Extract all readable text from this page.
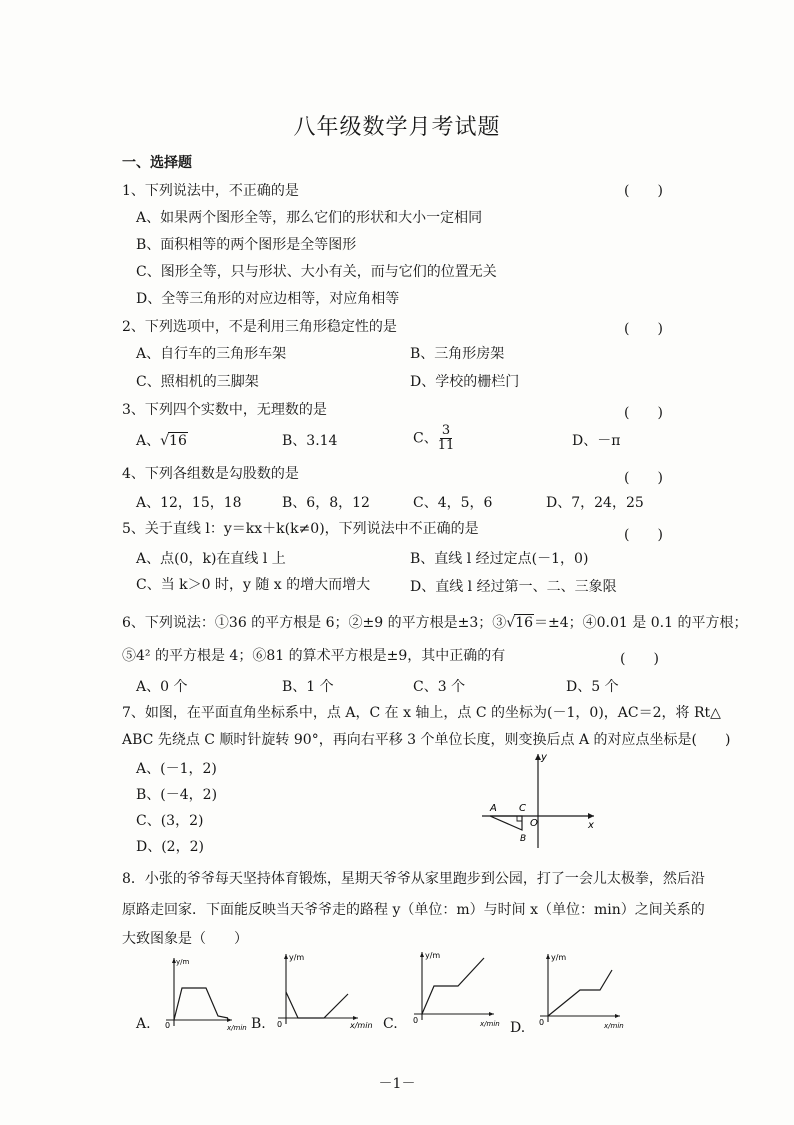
八年级数学月考试题
一、选择题
1、下列说法中，不正确的是	(　　)
A、如果两个图形全等，那么它们的形状和大小一定相同
B、面积相等的两个图形是全等图形
C、图形全等，只与形状、大小有关，而与它们的位置无关
D、全等三角形的对应边相等，对应角相等
2、下列选项中，不是利用三角形稳定性的是	(　　)
A、自行车的三角形车架	B、三角形房架
C、照相机的三脚架	D、学校的栅栏门
3、下列四个实数中，无理数的是	(　　)
A、√16	B、3.14	C、 $\frac{3}{11}$	D、－π
4、下列各组数是勾股数的是	(　　)
A、12，15，18	B、6，8，12	C、4，5，6	D、7，24，25
5、关于直线 l：y＝kx＋k(k≠0)，下列说法中不正确的是	(　　)
A、点(0，k)在直线 l 上	B、直线 l 经过定点(－1，0)
C、当 k＞0 时，y 随 x 的增大而增大	D、直线 l 经过第一、二、三象限
6、下列说法：①36 的平方根是 6；②±9 的平方根是±3；③√16＝±4；④0.01 是 0.1 的平方根；
⑤4² 的平方根是 4；⑥81 的算术平方根是±9，其中正确的有	(　　)
A、0 个	B、1 个	C、3 个	D、5 个
7、如图，在平面直角坐标系中，点 A，C 在 x 轴上，点 C 的坐标为(－1，0)，AC＝2，将 Rt△
ABC 先绕点 C 顺时针旋转 90°，再向右平移 3 个单位长度，则变换后点 A 的对应点坐标是(　　)
A、(－1，2)
B、(－4，2)
C、(3，2)
D、(2，2)
A C
O
B
x
y
8．小张的爷爷每天坚持体育锻炼，星期天爷爷从家里跑步到公园，打了一会儿太极拳，然后沿
原路走回家．下面能反映当天爷爷走的路程 y（单位：m）与时间 x（单位：min）之间关系的
大致图象是（　　）
A.
y/m
0	x/min B.
y/m
0	x/min C.
y/m
0	x/min D.
y/m
0	x/min
－1－
